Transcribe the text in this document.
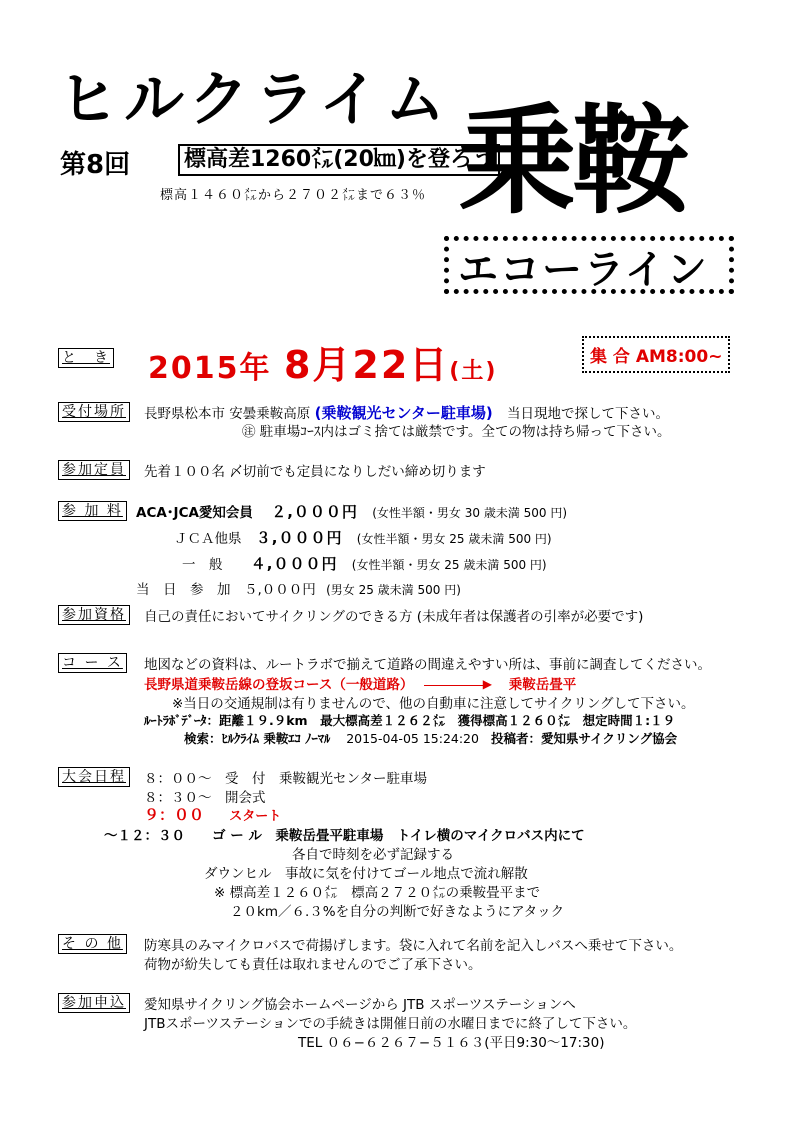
ヒルクライム
第8回 標高差1260㍍(20㎞)を登ろう
標高１４６０㍍から２７０２㍍まで６３％ 乗鞍
エコーライン
と　き 2015年 8月22日(土)
集 合 AM8:00~
受付場所 長野県松本市 安曇乗鞍高原 (乗鞍観光センター駐車場) 当日現地で探して下さい。
㊟ 駐車場ｺｰｽ内はゴミ捨ては厳禁です。全ての物は持ち帰って下さい。
参加定員 先着１００名 〆切前でも定員になりしだい締め切ります
参 加 料 ACA･JCA愛知会員 ２,０００円 (女性半額・男女 30 歳未満 500 円)
ＪＣＡ他県 ３,０００円 (女性半額・男女 25 歳未満 500 円)
一　般 ４,０００円 (女性半額・男女 25 歳未満 500 円)
当　日　参　加　５,０００円 (男女 25 歳未満 500 円)
参加資格 自己の責任においてサイクリングのできる方 (未成年者は保護者の引率が必要です)
コ ー ス 地図などの資料は、ルートラボで揃えて道路の間違えやすい所は、事前に調査してください。
長野県道乗鞍岳線の登坂コース（一般道路）	▶ 乗鞍岳畳平
※当日の交通規制は有りませんので、他の自動車に注意してサイクリングして下さい。
ﾙｰﾄﾗﾎﾞﾃﾞｰﾀ：距離１９.９km　最大標高差１２６２㍍　獲得標高１２６０㍍　想定時間１:１９
検索：ﾋﾙｸﾗｲﾑ 乗鞍ｴｺ ﾉｰﾏﾙ 2015-04-05 15:24:20 投稿者：愛知県サイクリング協会
大会日程 ８：００～　受　付　乗鞍観光センター駐車場
８：３０～　開会式
９：００ スタート
～１２：３０　　ゴ ー ル　乗鞍岳畳平駐車場　トイレ横のマイクロバス内にて
各自で時刻を必ず記録する
ダウンヒル　事故に気を付けてゴール地点で流れ解散
※ 標高差１２６０㍍　標高２７２０㍍の乗鞍畳平まで
２０km／６.３%を自分の判断で好きなようにアタック
そ の 他 防寒具のみマイクロバスで荷揚げします。袋に入れて名前を記入しバスへ乗せて下さい。
荷物が紛失しても責任は取れませんのでご了承下さい。
参加申込 愛知県サイクリング協会ホームページから JTB スポーツステーションへ
JTBスポーツステーションでの手続きは開催日前の水曜日までに終了して下さい。
TEL ０６−６２６７−５１６３(平日9:30～17:30)
